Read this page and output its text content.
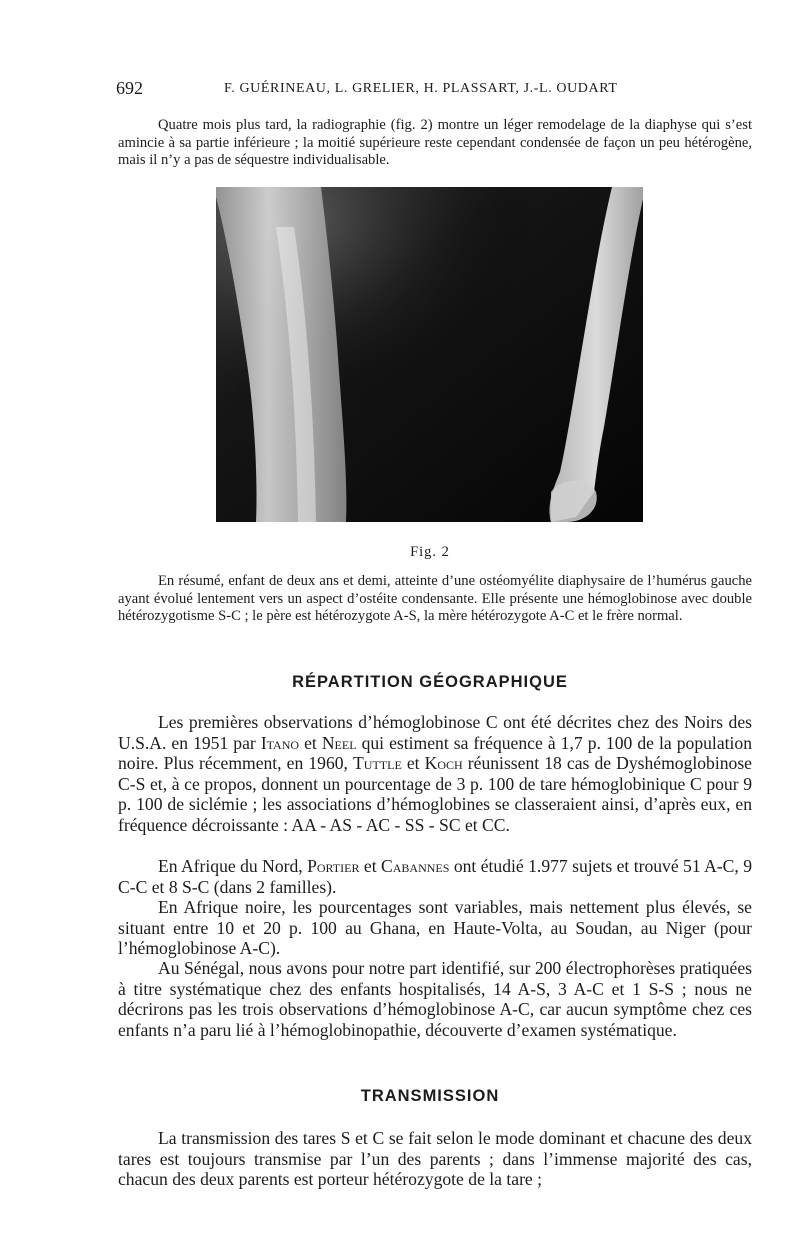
692	F. GUÉRINEAU, L. GRELIER, H. PLASSART, J.-L. OUDART

Quatre mois plus tard, la radiographie (fig. 2) montre un léger remodelage de la diaphyse qui s’est amincie à sa partie inférieure ; la moitié supérieure reste cependant condensée de façon un peu hétérogène, mais il n’y a pas de séquestre individualisable.

Fig. 2

En résumé, enfant de deux ans et demi, atteinte d’une ostéomyélite diaphysaire de l’humérus gauche ayant évolué lentement vers un aspect d’ostéite condensante. Elle présente une hémoglobinose avec double hétérozygotisme S-C ; le père est hétérozygote A-S, la mère hétérozygote A-C et le frère normal.

RÉPARTITION GÉOGRAPHIQUE

Les premières observations d’hémoglobinose C ont été décrites chez des Noirs des U.S.A. en 1951 par Itano et Neel qui estiment sa fréquence à 1,7 p. 100 de la population noire. Plus récemment, en 1960, Tuttle et Koch réunissent 18 cas de Dyshémoglobinose C-S et, à ce propos, donnent un pourcentage de 3 p. 100 de tare hémoglobinique C pour 9 p. 100 de siclémie ; les associations d’hémoglobines se classeraient ainsi, d’après eux, en fréquence décroissante : AA - AS - AC - SS - SC et CC.

En Afrique du Nord, Portier et Cabannes ont étudié 1.977 sujets et trouvé 51 A-C, 9 C-C et 8 S-C (dans 2 familles).

En Afrique noire, les pourcentages sont variables, mais nettement plus élevés, se situant entre 10 et 20 p. 100 au Ghana, en Haute-Volta, au Soudan, au Niger (pour l’hémoglobinose A-C).

Au Sénégal, nous avons pour notre part identifié, sur 200 électrophorèses pratiquées à titre systématique chez des enfants hospitalisés, 14 A-S, 3 A-C et 1 S-S ; nous ne décrirons pas les trois observations d’hémoglobinose A-C, car aucun symptôme chez ces enfants n’a paru lié à l’hémoglobinopathie, découverte d’examen systématique.

TRANSMISSION

La transmission des tares S et C se fait selon le mode dominant et chacune des deux tares est toujours transmise par l’un des parents ; dans l’immense majorité des cas, chacun des deux parents est porteur hétérozygote de la tare ;
